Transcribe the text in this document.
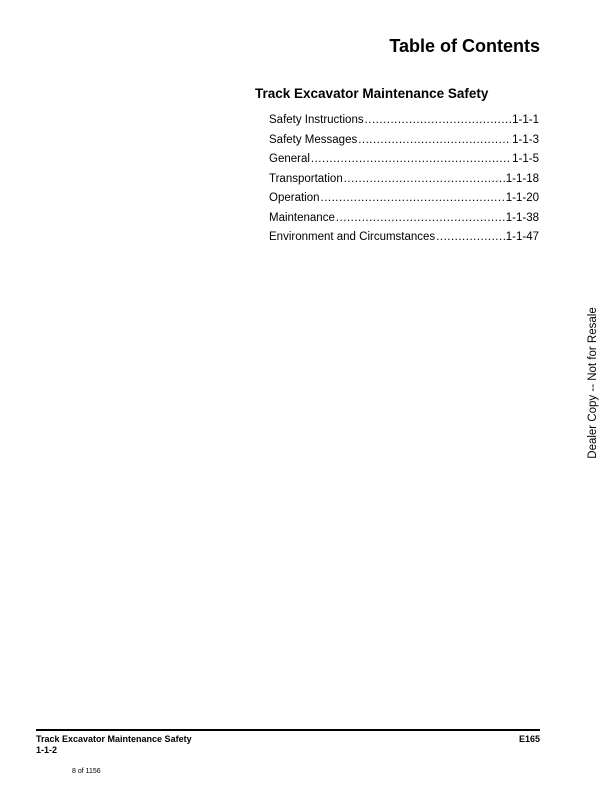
Table of Contents
Track Excavator Maintenance Safety
Safety Instructions .....	1-1-1
Safety Messages .....	1-1-3
General .....	1-1-5
Transportation .....	1-1-18
Operation .....	1-1-20
Maintenance .....	1-1-38
Environment and Circumstances .....	1-1-47
Dealer Copy -- Not for Resale
Track Excavator Maintenance Safety
1-1-2
E165
8 of 1156
